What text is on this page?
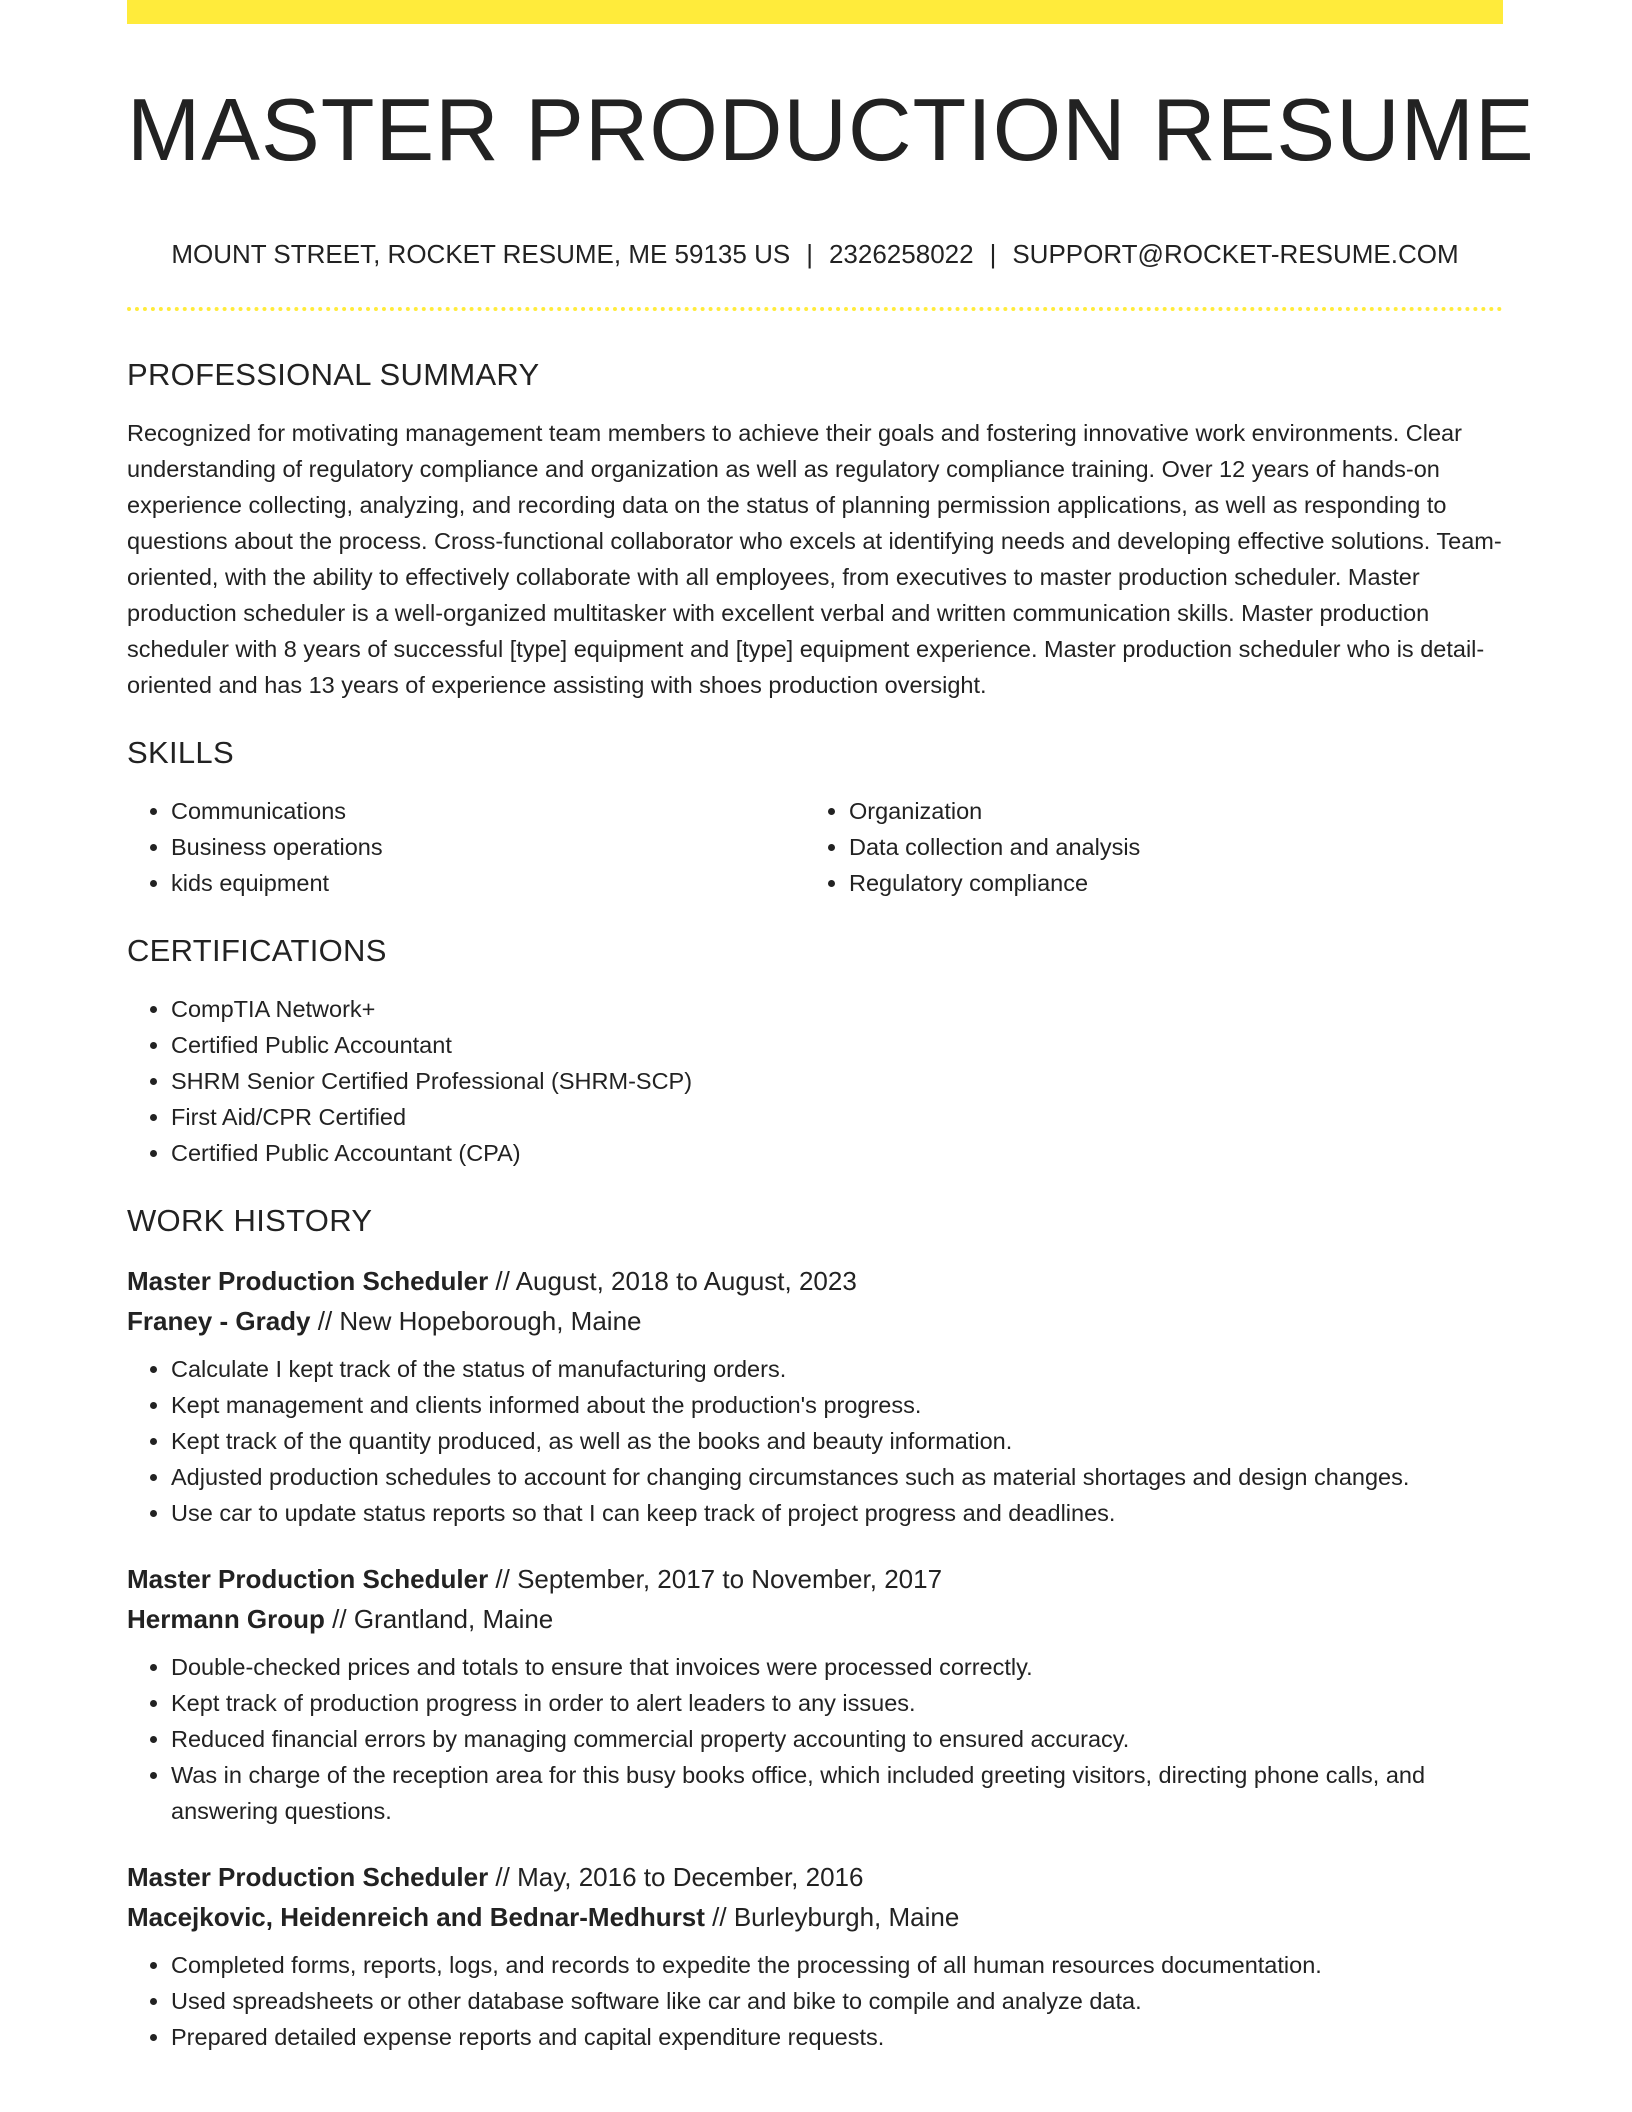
MASTER PRODUCTION RESUME
MOUNT STREET, ROCKET RESUME, ME 59135 US | 2326258022 | SUPPORT@ROCKET-RESUME.COM
PROFESSIONAL SUMMARY

Recognized for motivating management team members to achieve their goals and fostering innovative work environments. Clear understanding of regulatory compliance and organization as well as regulatory compliance training. Over 12 years of hands-on experience collecting, analyzing, and recording data on the status of planning permission applications, as well as responding to questions about the process. Cross-functional collaborator who excels at identifying needs and developing effective solutions. Team-oriented, with the ability to effectively collaborate with all employees, from executives to master production scheduler. Master production scheduler is a well-organized multitasker with excellent verbal and written communication skills. Master production scheduler with 8 years of successful [type] equipment and [type] equipment experience. Master production scheduler who is detail-oriented and has 13 years of experience assisting with shoes production oversight.

SKILLS
• Communications
• Business operations
• kids equipment
• Organization
• Data collection and analysis
• Regulatory compliance
CERTIFICATIONS
• CompTIA Network+
• Certified Public Accountant
• SHRM Senior Certified Professional (SHRM-SCP)
• First Aid/CPR Certified
• Certified Public Accountant (CPA)
WORK HISTORY
Master Production Scheduler // August, 2018 to August, 2023
Franey - Grady // New Hopeborough, Maine
• Calculate I kept track of the status of manufacturing orders.
• Kept management and clients informed about the production's progress.
• Kept track of the quantity produced, as well as the books and beauty information.
• Adjusted production schedules to account for changing circumstances such as material shortages and design changes.
• Use car to update status reports so that I can keep track of project progress and deadlines.
Master Production Scheduler // September, 2017 to November, 2017
Hermann Group // Grantland, Maine
• Double-checked prices and totals to ensure that invoices were processed correctly.
• Kept track of production progress in order to alert leaders to any issues.
• Reduced financial errors by managing commercial property accounting to ensured accuracy.
• Was in charge of the reception area for this busy books office, which included greeting visitors, directing phone calls, and answering questions.
Master Production Scheduler // May, 2016 to December, 2016
Macejkovic, Heidenreich and Bednar-Medhurst // Burleyburgh, Maine
• Completed forms, reports, logs, and records to expedite the processing of all human resources documentation.
• Used spreadsheets or other database software like car and bike to compile and analyze data.
• Prepared detailed expense reports and capital expenditure requests.
